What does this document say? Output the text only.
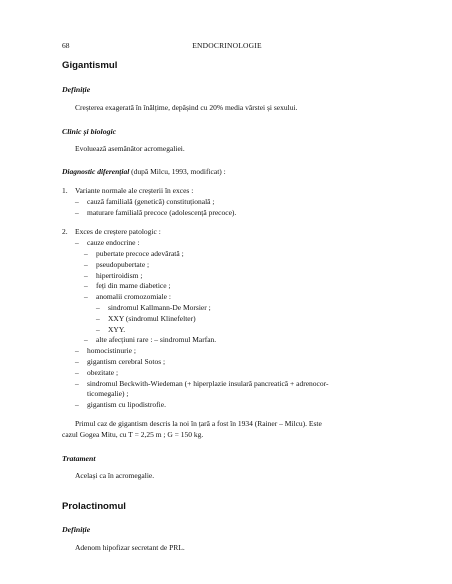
68	ENDOCRINOLOGIE
Gigantismul
Definiție

Creșterea exagerată în înălțime, depășind cu 20% media vârstei și sexului.

Clinic și biologic

Evoluează asemănător acromegaliei.

Diagnostic diferențial (după Milcu, 1993, modificat) :

1. Variante normale ale creșterii în exces :
– cauză familială (genetică) constituțională ;
– maturare familială precoce (adolescență precoce).
2. Exces de creștere patologic :
– cauze endocrine :
– pubertate precoce adevărată ;
– pseudopubertate ;
– hipertiroidism ;
– feți din mame diabetice ;
– anomalii cromozomiale :
– sindromul Kallmann-De Morsier ;
– XXY (sindromul Klinefelter)
– XYY.
– alte afecțiuni rare : – sindromul Marfan.
– homocistinurie ;
– gigantism cerebral Sotos ;
– obezitate ;
– sindromul Beckwith-Wiedeman (+ hiperplazie insulară pancreatică + adrenocor-
ticomegalie) ;
– gigantism cu lipodistrofie.

Primul caz de gigantism descris la noi în țară a fost în 1934 (Rainer – Milcu). Este

cazul Gogea Mitu, cu T = 2,25 m ; G = 150 kg.

Tratament

Același ca în acromegalie.

Prolactinomul
Definiție

Adenom hipofizar secretant de PRL.
